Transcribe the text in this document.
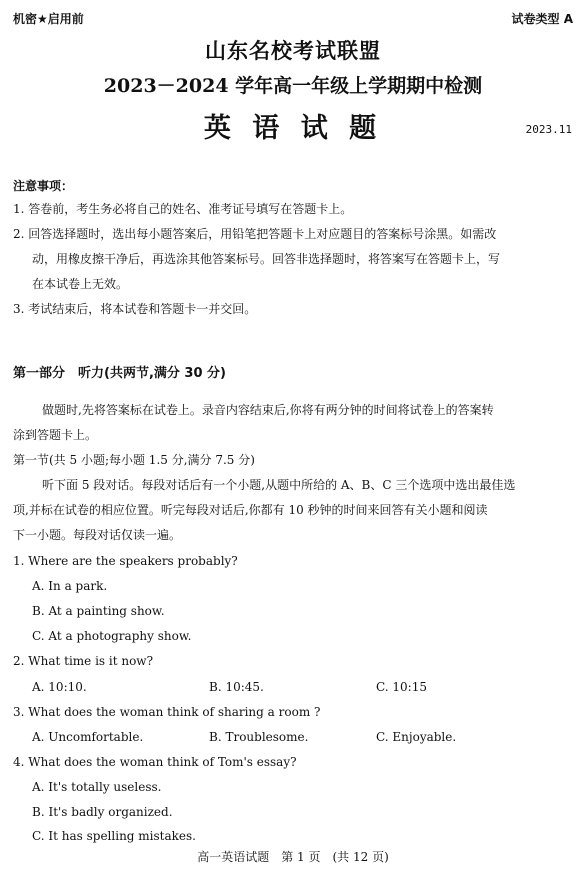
机密★启用前	试卷类型 A
山东名校考试联盟
2023－2024 学年高一年级上学期期中检测
英 语 试 题	2023.11
注意事项：
1. 答卷前，考生务必将自己的姓名、准考证号填写在答题卡上。
2. 回答选择题时，选出每小题答案后，用铅笔把答题卡上对应题目的答案标号涂黑。如需改
动，用橡皮擦干净后，再选涂其他答案标号。回答非选择题时，将答案写在答题卡上，写
在本试卷上无效。
3. 考试结束后，将本试卷和答题卡一并交回。
第一部分　听力(共两节,满分 30 分)
做题时,先将答案标在试卷上。录音内容结束后,你将有两分钟的时间将试卷上的答案转
涂到答题卡上。
第一节(共 5 小题;每小题 1.5 分,满分 7.5 分)
听下面 5 段对话。每段对话后有一个小题,从题中所给的 A、B、C 三个选项中选出最佳选
项,并标在试卷的相应位置。听完每段对话后,你都有 10 秒钟的时间来回答有关小题和阅读
下一小题。每段对话仅读一遍。
1. Where are the speakers probably?
A. In a park.
B. At a painting show.
C. At a photography show.
2. What time is it now?
A. 10:10.	B. 10:45.	C. 10:15
3. What does the woman think of sharing a room ?
A. Uncomfortable.	B. Troublesome.	C. Enjoyable.
4. What does the woman think of Tom's essay?
A. It's totally useless.
B. It's badly organized.
C. It has spelling mistakes.
高一英语试题　第 1 页　(共 12 页)
